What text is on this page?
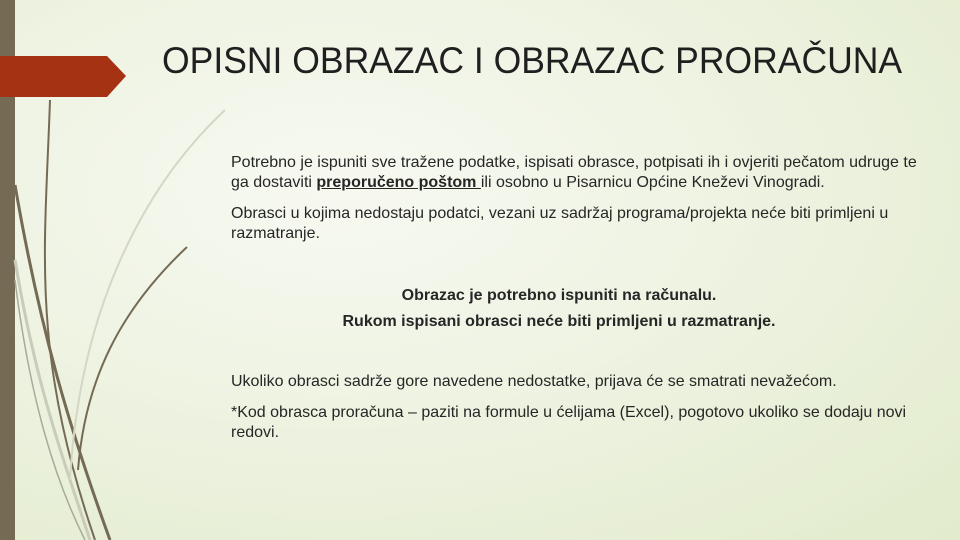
OPISNI OBRAZAC I OBRAZAC PRORAČUNA

Potrebno je ispuniti sve tražene podatke, ispisati obrasce, potpisati ih i ovjeriti pečatom udruge te ga dostaviti preporučeno poštom ili osobno u Pisarnicu Općine Kneževi Vinogradi.

Obrasci u kojima nedostaju podatci, vezani uz sadržaj programa/projekta neće biti primljeni u razmatranje.

Obrazac je potrebno ispuniti na računalu.

Rukom ispisani obrasci neće biti primljeni u razmatranje.

Ukoliko obrasci sadrže gore navedene nedostatke, prijava će se smatrati nevažećom.

*Kod obrasca proračuna – paziti na formule u ćelijama (Excel), pogotovo ukoliko se dodaju novi redovi.
